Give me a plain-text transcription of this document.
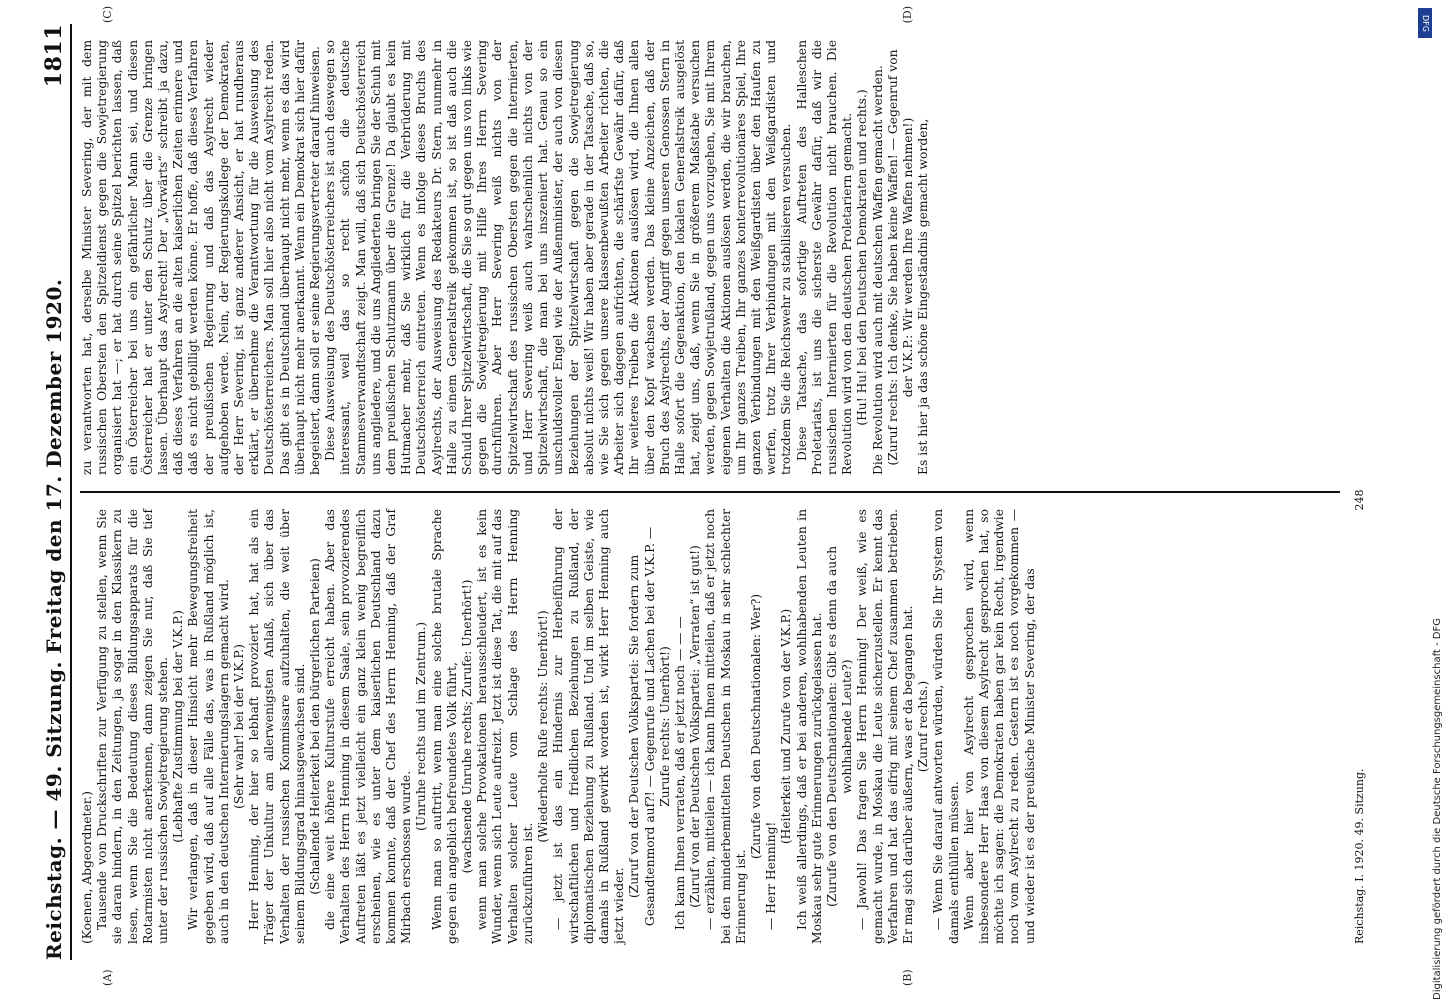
Reichstag. — 49. Sitzung. Freitag den 17. Dezember 1920.
1811
(A)	(B)

(Koenen, Abgeordneter.) Tausende von Druckschriften zur Verfügung zu stellen, wenn Sie sie daran hindern, in den Zeitungen, ja sogar in den Klassikern zu lesen, wenn Sie die Bedeutung dieses Bildungsapparats für die Rotarmisten nicht anerkennen, dann zeigen Sie nur, daß Sie tief unter der russischen Sowjetregierung stehen. (Lebhafte Zustimmung bei der V.K.P.) Wir verlangen, daß in dieser Hinsicht mehr Bewegungsfreiheit gegeben wird, daß auf alle Fälle das, was in Rußland möglich ist, auch in den deutschen Internierungslagern gemacht wird. (Sehr wahr! bei der V.K.P.) Herr Henning, der hier so lebhaft provoziert hat, hat als ein Träger der Unkultur am allerwenigsten Anlaß, sich über das Verhalten der russischen Kommissare aufzuhalten, die weit über seinem Bildungsgrad hinausgewachsen sind. (Schallende Heiterkeit bei den bürgerlichen Parteien) die eine weit höhere Kulturstufe erreicht haben. Aber das Verhalten des Herrn Henning in diesem Saale, sein provozierendes Auftreten läßt es jetzt vielleicht ein ganz klein wenig begreiflich erscheinen, wie es unter dem kaiserlichen Deutschland dazu kommen konnte, daß der Chef des Herrn Henning, daß der Graf Mirbach erschossen wurde.

(Unruhe rechts und im Zentrum.) Wenn man so auftritt, wenn man eine solche brutale Sprache gegen ein angeblich befreundetes Volk führt, (wachsende Unruhe rechts; Zurufe: Unerhört!) wenn man solche Provokationen herausschleudert, ist es kein Wunder, wenn sich Leute aufreizt. Jetzt ist diese Tat, die mit auf das Verhalten solcher Leute vom Schlage des Herrn Henning zurückzuführen ist.

(Wiederholte Rufe rechts: Unerhört!) — jetzt ist das ein Hindernis zur Herbeiführung der wirtschaftlichen und friedlichen Beziehungen zu Rußland, der diplomatischen Beziehung zu Rußland. Und im selben Geiste, wie damals in Rußland gewirkt worden ist, wirkt Herr Henning auch jetzt wieder.

(Zuruf von der Deutschen Volkspartei: Sie fordern zum Gesandtenmord auf?! — Gegenrufe und Lachen bei der V.K.P. — Zurufe rechts: Unerhört!) Ich kann Ihnen verraten, daß er jetzt noch — — — (Zuruf von der Deutschen Volkspartei: „Verraten“ ist gut!) — erzählen, mitteilen — ich kann Ihnen mitteilen, daß er jetzt noch bei den minderbemittelten Deutschen in Moskau in sehr schlechter Erinnerung ist.

(Zurufe von den Deutschnationalen: Wer?)

— Herr Henning!

(Heiterkeit und Zurufe von der V.K.P.) Ich weiß allerdings, daß er bei anderen, wohlhabenden Leuten in Moskau sehr gute Erinnerungen zurückgelassen hat. (Zurufe von den Deutschnationalen: Gibt es denn da auch wohlhabende Leute?) — Jawohl! Das fragen Sie Herrn Henning! Der weiß, wie es gemacht wurde, in Moskau die Leute sicherzustellen. Er kennt das Verfahren und hat das eifrig mit seinem Chef zusammen betrieben. Er mag sich darüber äußern, was er da begangen hat. (Zuruf rechts.) — Wenn Sie darauf antworten würden, würden Sie Ihr System von damals enthüllen müssen. Wenn aber hier von Asylrecht gesprochen wird, wenn insbesondere Herr Haas von diesem Asylrecht gesprochen hat, so möchte ich sagen: die Demokraten haben gar kein Recht, irgendwie noch vom Asylrecht zu reden. Gestern ist es noch vorgekommen — und wieder ist es der preußische Minister Severing, der das

(C)	(D)

zu verantworten hat, derselbe Minister Severing, der mit dem russischen Obersten den Spitzeldienst gegen die Sowjetregierung organisiert hat —; er hat durch seine Spitzel berichten lassen, daß ein Österreicher bei uns ein gefährlicher Mann sei, und diesen Österreicher hat er unter den Schutz über die Grenze bringen lassen. Überhaupt das Asylrecht! Der „Vorwärts“ schreibt ja dazu, daß dieses Verfahren an die alten kaiserlichen Zeiten erinnere und daß es nicht gebilligt werden könne. Er hoffe, daß dieses Verfahren der preußischen Regierung und daß das Asylrecht wieder aufgehoben werde. Nein, der Regierungskollege der Demokraten, der Herr Severing, ist ganz anderer Ansicht, er hat rundheraus erklärt, er übernehme die Verantwortung für die Ausweisung des Deutschösterreichers. Man soll hier also nicht vom Asylrecht reden. Das gibt es in Deutschland überhaupt nicht mehr, wenn es das wird überhaupt nicht mehr anerkannt. Wenn ein Demokrat sich hier dafür begeistert, dann soll er seine Regierungsvertreter darauf hinweisen. Diese Ausweisung des Deutschösterreichers ist auch deswegen so interessant, weil das so recht schön die deutsche Stammesverwandtschaft zeigt. Man will, daß sich Deutschösterreich uns angliedere, und die uns Angliederten bringen Sie der Schuh mit dem preußischen Schutzmann über die Grenze! Da glaubt es kein Hutmacher mehr, daß Sie wirklich für die Verbrüderung mit Deutschösterreich eintreten. Wenn es infolge dieses Bruchs des Asylrechts, der Ausweisung des Redakteurs Dr. Stern, nunmehr in Halle zu einem Generalstreik gekommen ist, so ist daß auch die Schuld Ihrer Spitzelwirtschaft, die Sie so gut gegen uns von links wie gegen die Sowjetregierung mit Hilfe Ihres Herrn Severing durchführen. Aber Herr Severing weiß nichts von der Spitzelwirtschaft des russischen Obersten gegen die Internierten, und Herr Severing weiß auch wahrscheinlich nichts von der Spitzelwirtschaft, die man bei uns inszeniert hat. Genau so ein unschuldsvoller Engel wie der Außenminister, der auch von diesen Beziehungen der Spitzelwirtschaft gegen die Sowjetregierung absolut nichts weiß! Wir haben aber gerade in der Tatsache, daß so, wie Sie sich gegen unsere klassenbewußten Arbeiter richten, die Arbeiter sich dagegen aufrichten, die schärfste Gewähr dafür, daß Ihr weiteres Treiben die Aktionen auslösen wird, die Ihnen allen über den Kopf wachsen werden. Das kleine Anzeichen, daß der Bruch des Asylrechts, der Angriff gegen unseren Genossen Stern in Halle sofort die Gegenaktion, den lokalen Generalstreik ausgelöst hat, zeigt uns, daß, wenn Sie in größerem Maßstabe versuchen werden, gegen Sowjetrußland, gegen uns vorzugehen, Sie mit Ihrem eigenen Verhalten die Aktionen auslösen werden, die wir brauchen, um Ihr ganzes Treiben, Ihr ganzes konterrevolutionäres Spiel, Ihre ganzen Verbindungen mit den Weißgardisten über den Haufen zu werfen, trotz Ihrer Verbindungen mit den Weißgardisten und trotzdem Sie die Reichswehr zu stabilisieren versuchen. Diese Tatsache, das sofortige Auftreten des Halleschen Proletariats, ist uns die sicherste Gewähr dafür, daß wir die russischen Internierten für die Revolution nicht brauchen. Die Revolution wird von den deutschen Proletariern gemacht. (Hu! Hu! bei den Deutschen Demokraten und rechts.) Die Revolution wird auch mit deutschen Waffen gemacht werden. (Zuruf rechts: Ich denke, Sie haben keine Waffen! — Gegenruf von der V.K.P.: Wir werden Ihre Waffen nehmen!) Es ist hier ja das schöne Eingeständnis gemacht worden,

Reichstag. I. 1920. 49. Sitzung.
248
DFG
Digitalisierung gefördert durch die Deutsche Forschungsgemeinschaft - DFG
